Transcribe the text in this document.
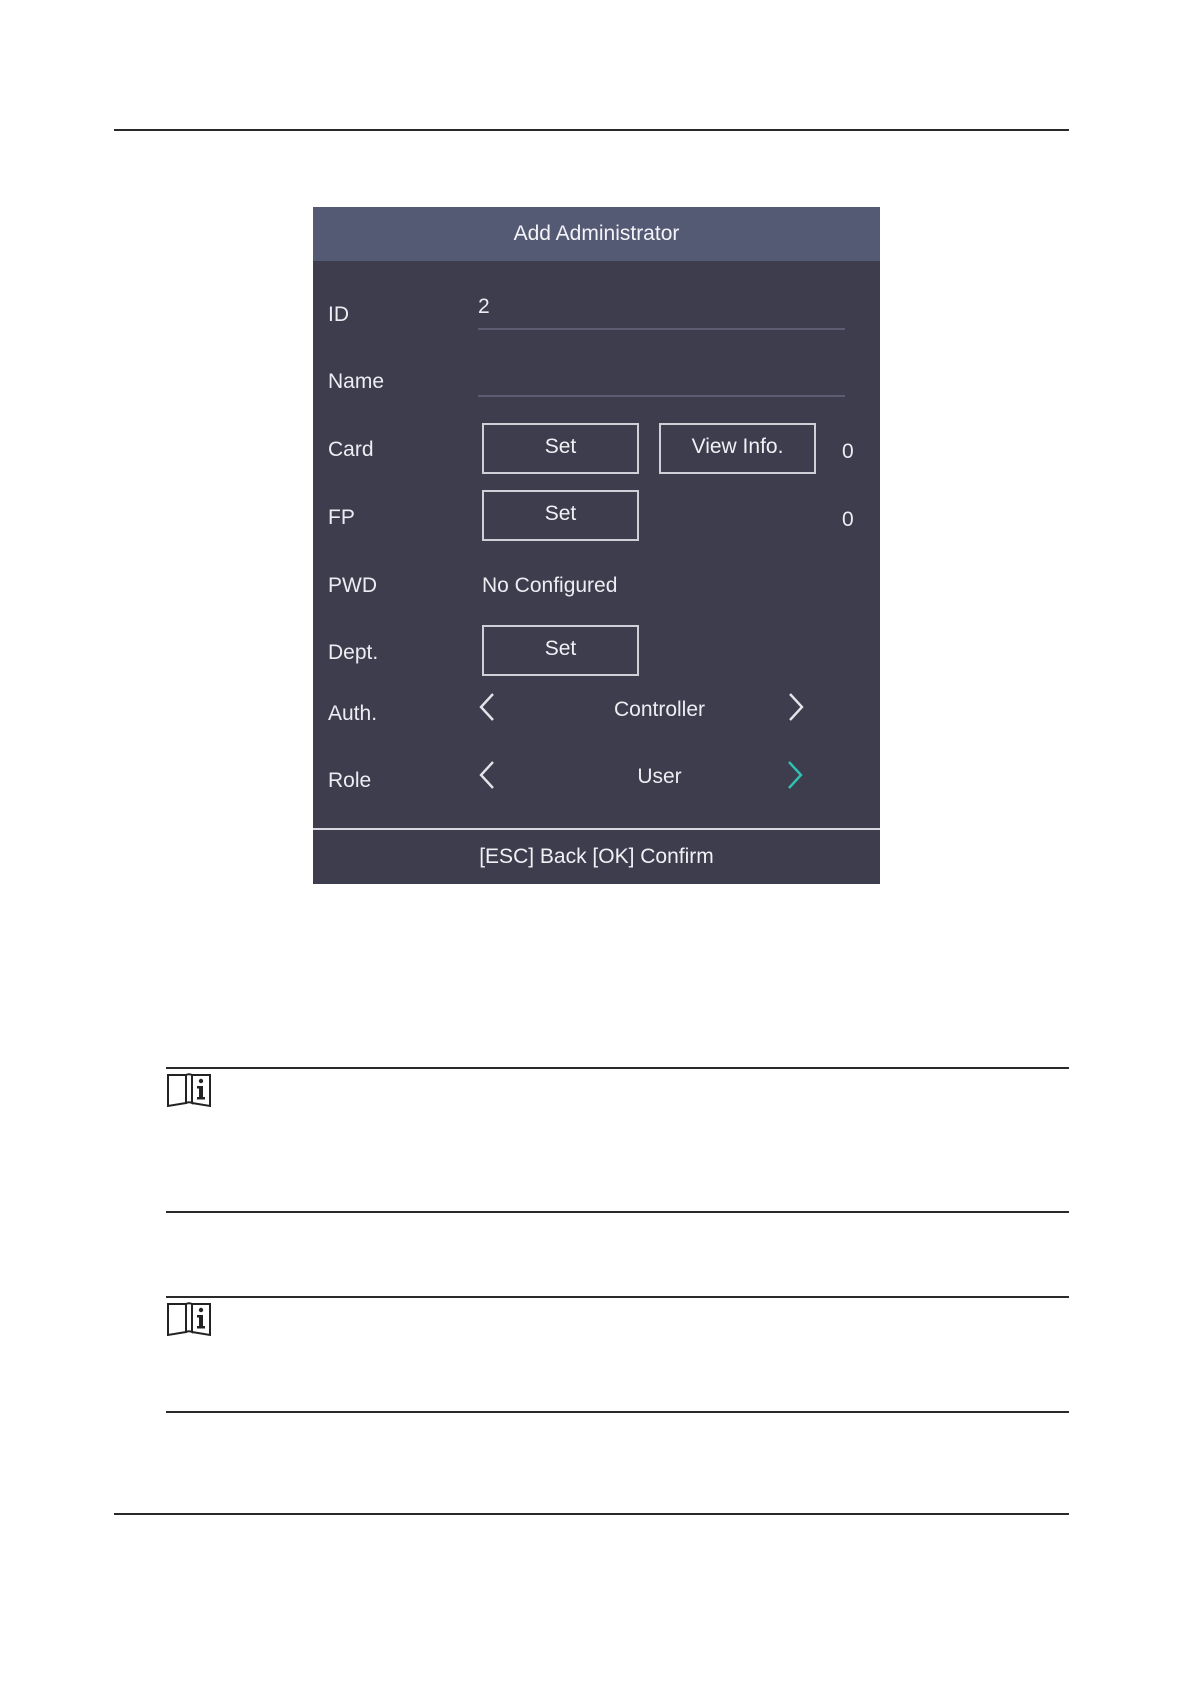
Add Administrator
ID	2
Name
Card	Set	View Info.	0
FP	Set	0
PWD	No Configured
Dept.	Set
Auth.	Controller
Role	User
[ESC] Back [OK] Confirm
